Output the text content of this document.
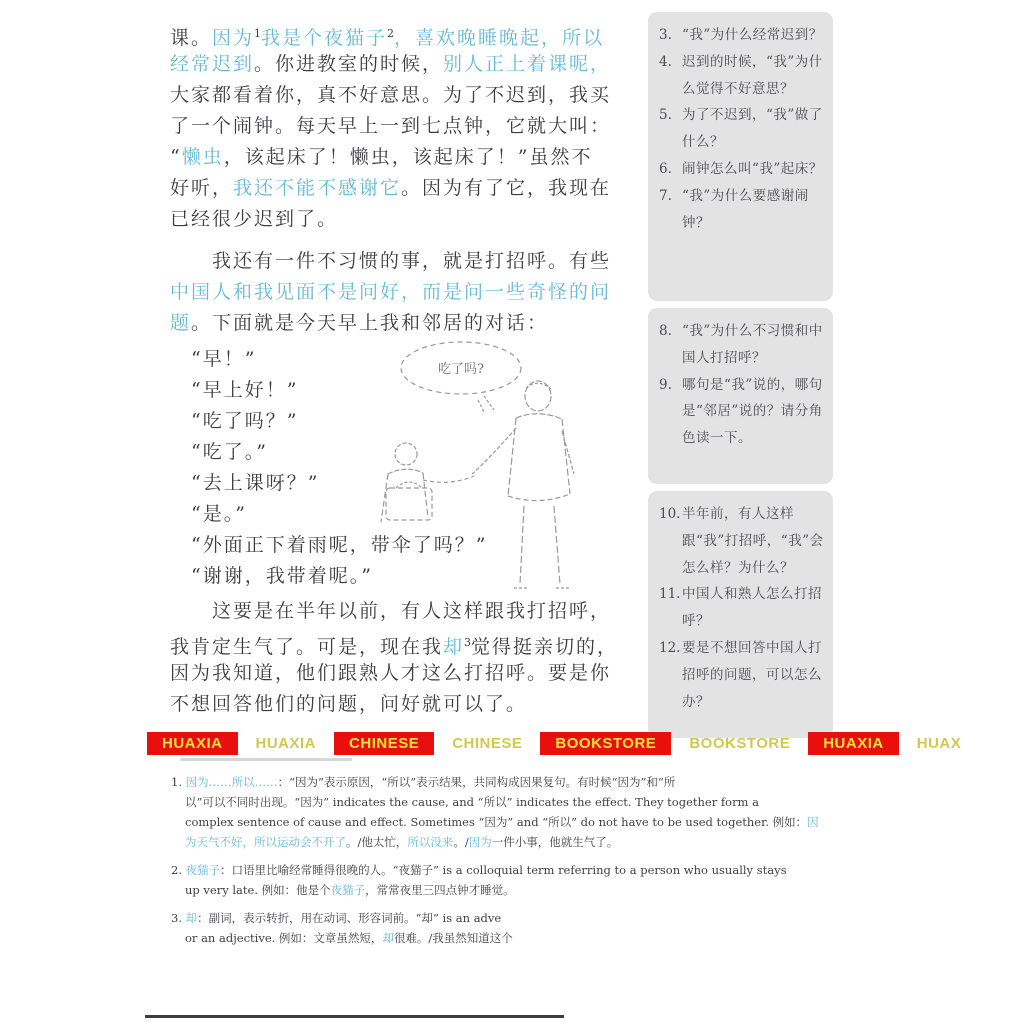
课。因为$^1$我是个夜猫子$^2$，喜欢晚睡晚起，所以
经常迟到。你进教室的时候，别人正上着课呢，
大家都看着你，真不好意思。为了不迟到，我买
了一个闹钟。每天早上一到七点钟，它就大叫：
“懒虫，该起床了！懒虫，该起床了！”虽然不
好听，我还不能不感谢它。因为有了它，我现在
已经很少迟到了。
　　我还有一件不习惯的事，就是打招呼。有些
中国人和我见面不是问好，而是问一些奇怪的问
题。下面就是今天早上我和邻居的对话：
　“早！”
　“早上好！”
　“吃了吗？”
　“吃了。”
　“去上课呀？”
　“是。”
　“外面正下着雨呢，带伞了吗？”
　“谢谢，我带着呢。”
　　这要是在半年以前，有人这样跟我打招呼，
我肯定生气了。可是，现在我却$^3$觉得挺亲切的，
因为我知道，他们跟熟人才这么打招呼。要是你
不想回答他们的问题，问好就可以了。
吃了吗?
3. “我”为什么经常迟到？
4. 迟到的时候，“我”为什么觉得不好意思？
5. 为了不迟到，“我”做了什么？
6. 闹钟怎么叫“我”起床？
7. “我”为什么要感谢闹钟？
8. “我”为什么不习惯和中国人打招呼？
9. 哪句是“我”说的，哪句是“邻居”说的？请分角色读一下。
10. 半年前，有人这样跟“我”打招呼，“我”会怎么样？为什么？
11. 中国人和熟人怎么打招呼？
12. 要是不想回答中国人打招呼的问题，可以怎么办？
HUAXIA	HUAXIA	CHINESE	CHINESE	BOOKSTORE	BOOKSTORE	HUAXIA	HUAX
1. 因为……所以……：“因为”表示原因，“所以”表示结果，共同构成因果复句。有时候“因为”和“所
以”可以不同时出现。“因为” indicates the cause, and “所以” indicates the effect. They together form a
complex sentence of cause and effect. Sometimes “因为” and “所以” do not have to be used together. 例如：因
为天气不好，所以运动会不开了。/他太忙，所以没来。/因为一件小事，他就生气了。
2. 夜猫子：口语里比喻经常睡得很晚的人。“夜猫子” is a colloquial term referring to a person who usually stays
up very late. 例如：他是个夜猫子，常常夜里三四点钟才睡觉。
3. 却：副词，表示转折，用在动词、形容词前。“却” is an adve
or an adjective. 例如：文章虽然短，却很难。/我虽然知道这个
